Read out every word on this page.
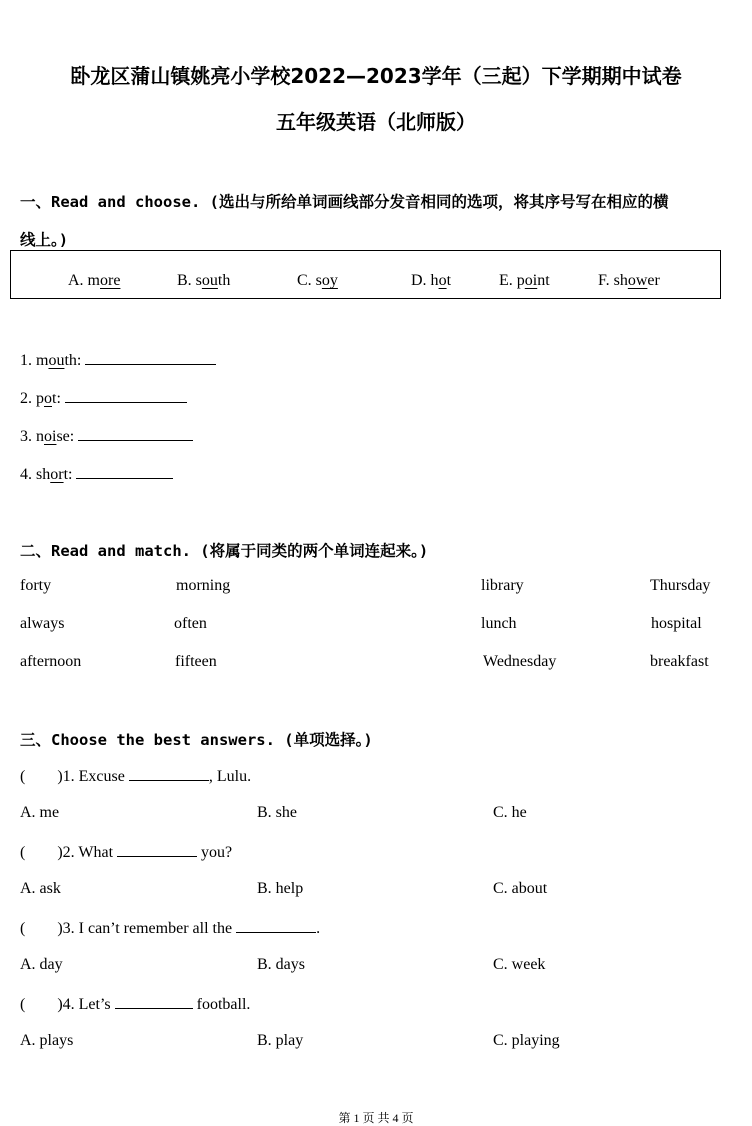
卧龙区蒲山镇姚亮小学校2022—2023学年（三起）下学期期中试卷
五年级英语（北师版）
一、Read and choose. (选出与所给单词画线部分发音相同的选项，将其序号写在相应的横
线上。)
A. more	B. south	C. soy	D. hot	E. point	F. shower
1. mouth:
2. pot:
3. noise:
4. short:
二、Read and match. (将属于同类的两个单词连起来。)
forty	morning	library	Thursday
always	often	lunch	hospital
afternoon	fifteen	Wednesday	breakfast
三、Choose the best answers. (单项选择。)
( )1. Excuse	, Lulu.
A. me	B. she	C. he
( )2. What	you?
A. ask	B. help	C. about
( )3. I can’t remember all the	.
A. day	B. days	C. week
( )4. Let’s	football.
A. plays	B. play	C. playing
第 1 页 共 4 页
